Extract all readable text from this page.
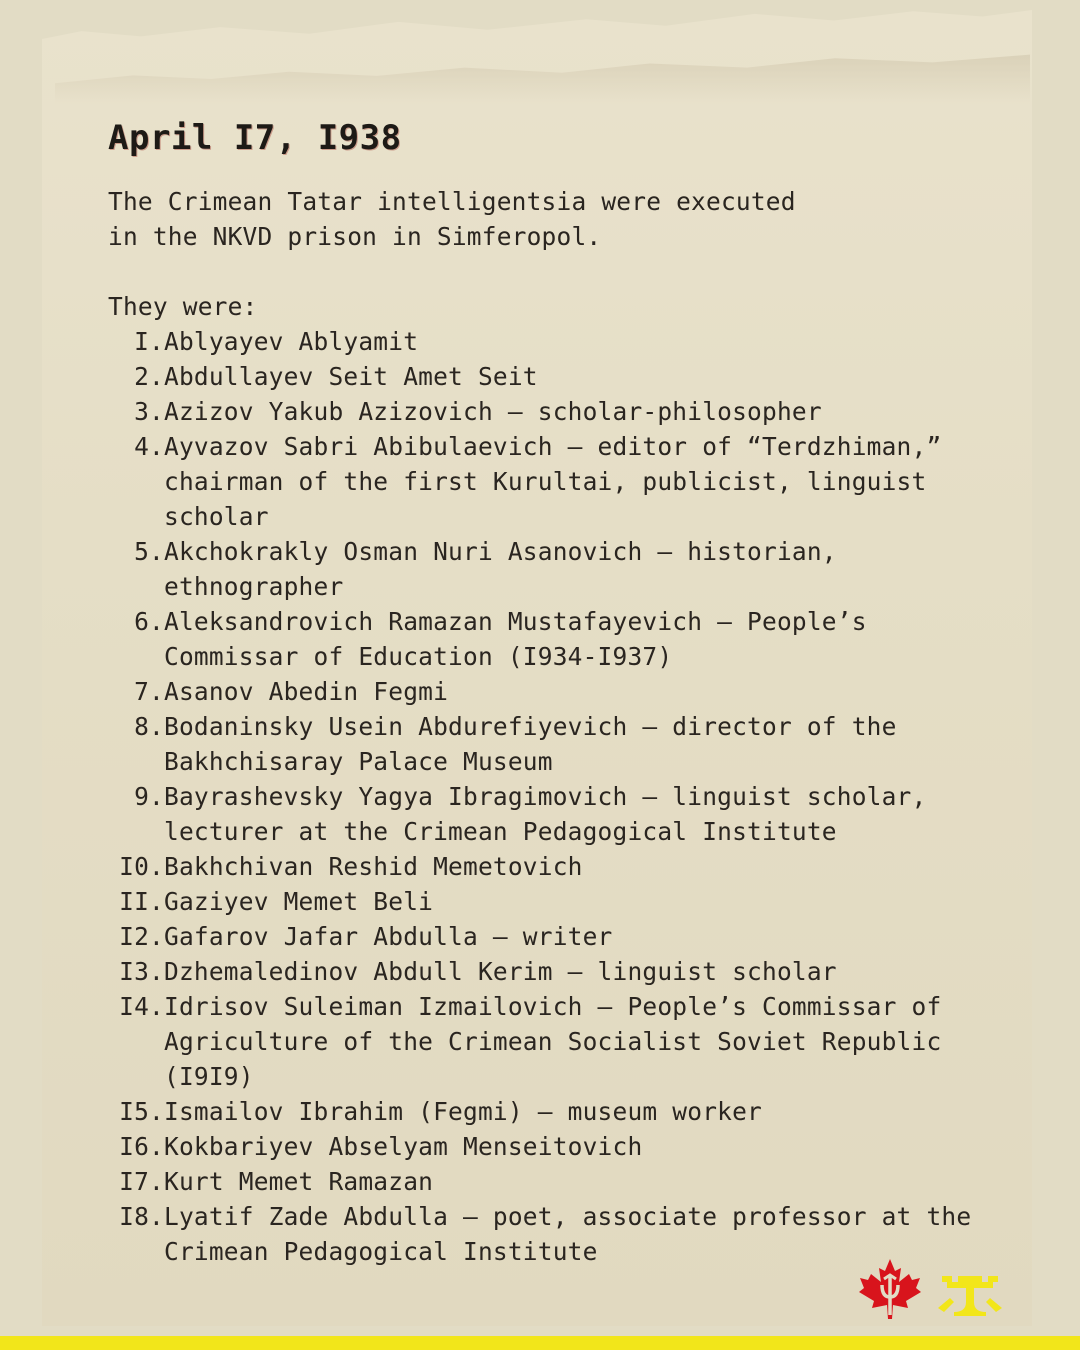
April I7, I938
The Crimean Tatar intelligentsia were executed
in the NKVD prison in Simferopol.
They were:
I. Ablyayev Ablyamit
2. Abdullayev Seit Amet Seit
3. Azizov Yakub Azizovich – scholar-philosopher
4. Ayvazov Sabri Abibulaevich – editor of “Terdzhiman,”
chairman of the first Kurultai, publicist, linguist
scholar
5. Akchokrakly Osman Nuri Asanovich – historian,
ethnographer
6. Aleksandrovich Ramazan Mustafayevich – People’s
Commissar of Education (I934-I937)
7. Asanov Abedin Fegmi
8. Bodaninsky Usein Abdurefiyevich – director of the
Bakhchisaray Palace Museum
9. Bayrashevsky Yagya Ibragimovich – linguist scholar,
lecturer at the Crimean Pedagogical Institute
I0. Bakhchivan Reshid Memetovich
II. Gaziyev Memet Beli
I2. Gafarov Jafar Abdulla – writer
I3. Dzhemaledinov Abdull Kerim – linguist scholar
I4. Idrisov Suleiman Izmailovich – People’s Commissar of
Agriculture of the Crimean Socialist Soviet Republic
(I9I9)
I5. Ismailov Ibrahim (Fegmi) – museum worker
I6. Kokbariyev Abselyam Menseitovich
I7. Kurt Memet Ramazan
I8. Lyatif Zade Abdulla – poet, associate professor at the
Crimean Pedagogical Institute
